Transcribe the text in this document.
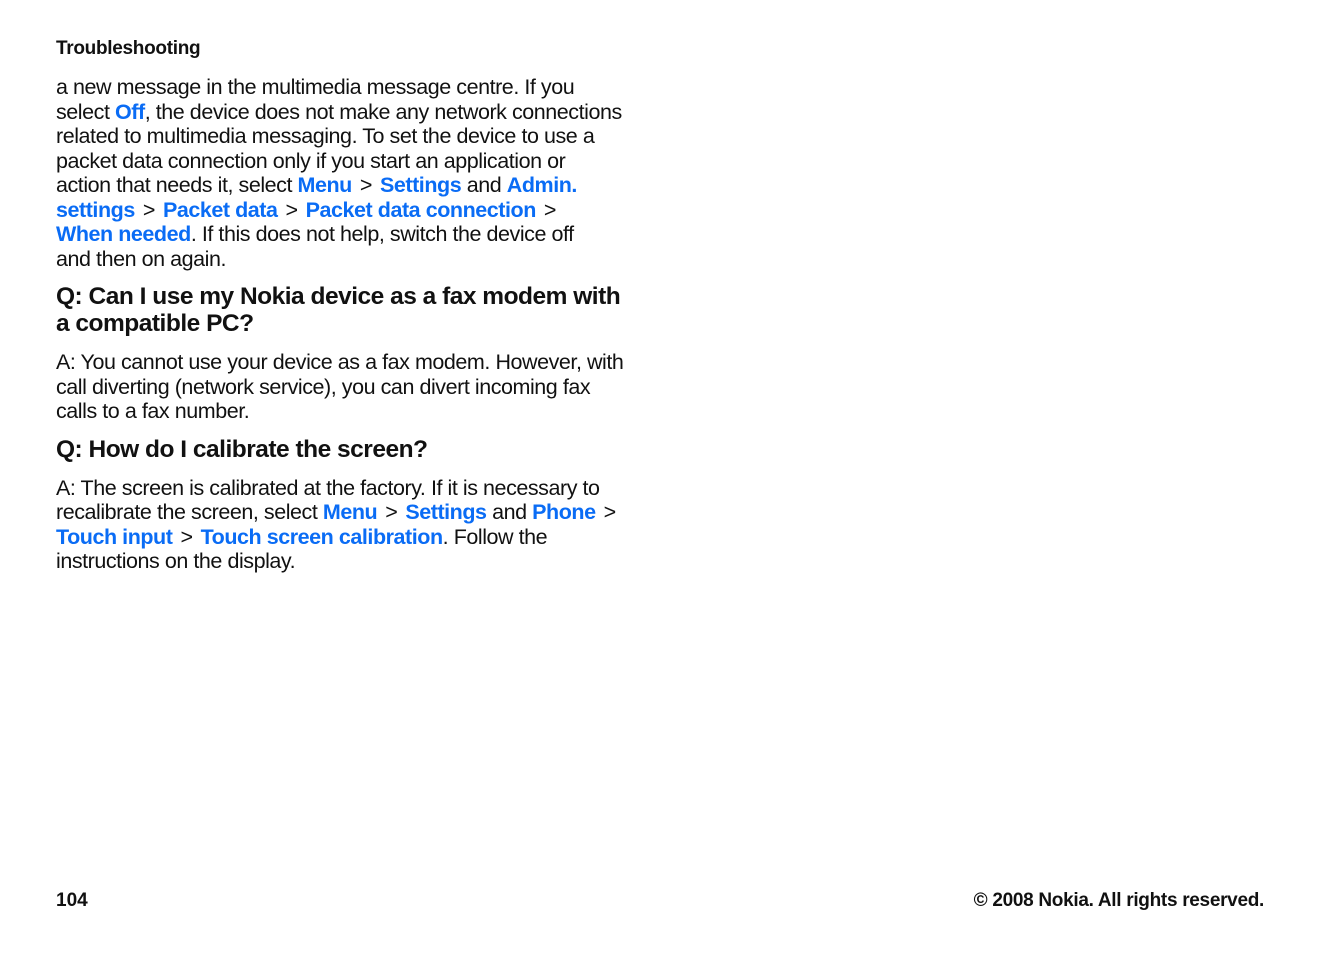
Troubleshooting
a new message in the multimedia message centre. If you
select Off, the device does not make any network connections
related to multimedia messaging. To set the device to use a
packet data connection only if you start an application or
action that needs it, select Menu > Settings and Admin.
settings > Packet data > Packet data connection >
When needed. If this does not help, switch the device off
and then on again.
Q: Can I use my Nokia device as a fax modem with
a compatible PC?
A: You cannot use your device as a fax modem. However, with
call diverting (network service), you can divert incoming fax
calls to a fax number.
Q: How do I calibrate the screen?
A: The screen is calibrated at the factory. If it is necessary to
recalibrate the screen, select Menu > Settings and Phone >
Touch input > Touch screen calibration. Follow the
instructions on the display.
104	© 2008 Nokia. All rights reserved.
